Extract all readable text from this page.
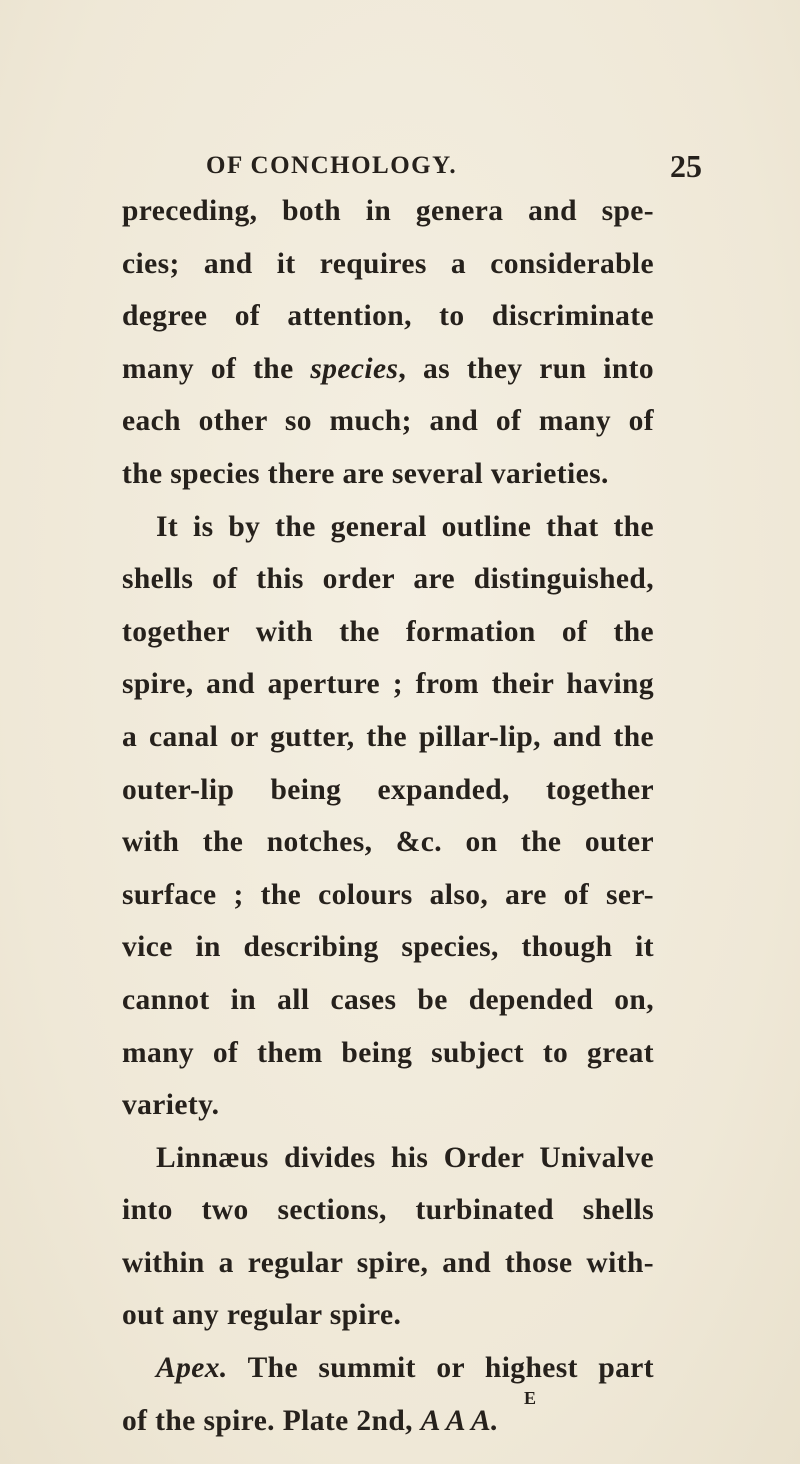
OF CONCHOLOGY.	25
preceding, both in genera and spe-
cies; and it requires a considerable
degree of attention, to discriminate
many of the species, as they run into
each other so much; and of many of
the species there are several varieties.
It is by the general outline that the
shells of this order are distinguished,
together with the formation of the
spire, and aperture ; from their having
a canal or gutter, the pillar-lip, and the
outer-lip being expanded, together
with the notches, &c. on the outer
surface ; the colours also, are of ser-
vice in describing species, though it
cannot in all cases be depended on,
many of them being subject to great
variety.
Linnæus divides his Order Univalve
into two sections, turbinated shells
within a regular spire, and those with-
out any regular spire.
Apex. The summit or highest part
of the spire. Plate 2nd, A A A.
E
